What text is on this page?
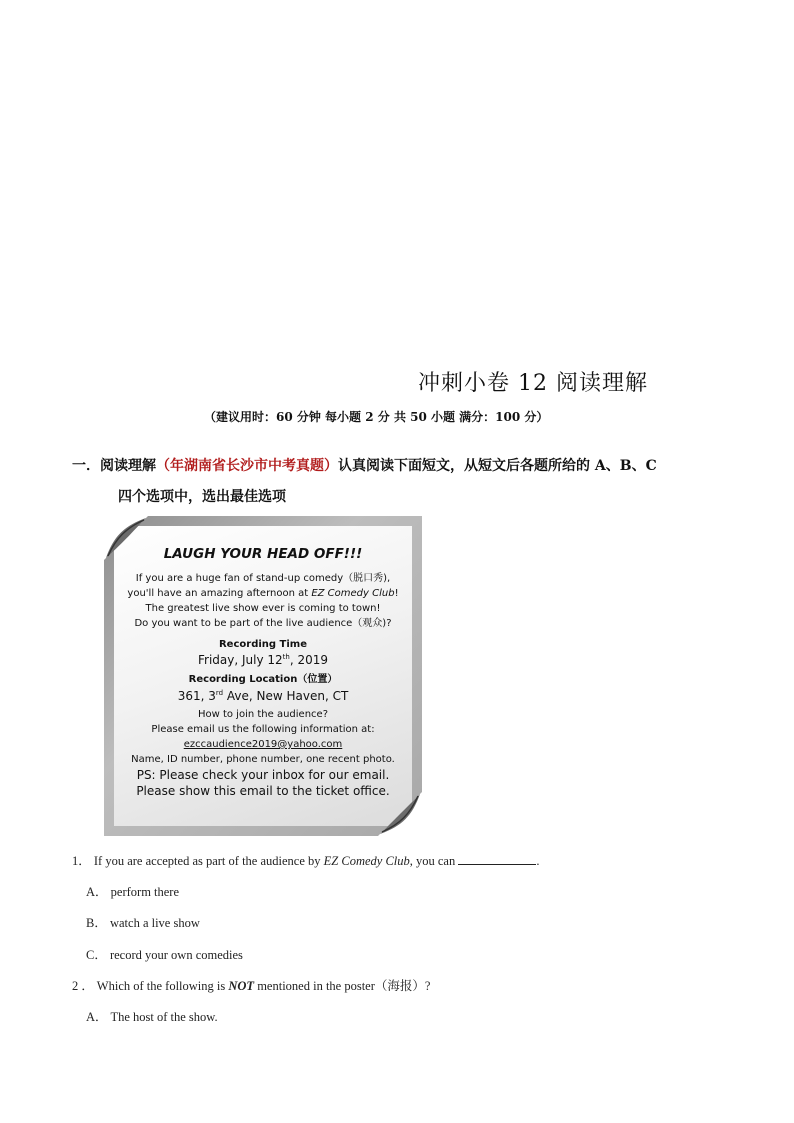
冲刺小卷 12 阅读理解
（建议用时：60 分钟 每小题 2 分 共 50 小题 满分：100 分）
一．阅读理解（年湖南省长沙市中考真题）认真阅读下面短文，从短文后各题所给的 A、B、C
四个选项中，选出最佳选项
LAUGH YOUR HEAD OFF!!!
If you are a huge fan of stand-up comedy（脱口秀),
you'll have an amazing afternoon at EZ Comedy Club!
The greatest live show ever is coming to town!
Do you want to be part of the live audience（观众)?
Recording Time
Friday, July 12th, 2019
Recording Location（位置）
361, 3rd Ave, New Haven, CT
How to join the audience?
Please email us the following information at:
ezccaudience2019@yahoo.com
Name, ID number, phone number, one recent photo.
PS: Please check your inbox for our email.
Please show this email to the ticket office.
1． If you are accepted as part of the audience by EZ Comedy Club, you can	.
A． perform there
B． watch a live show
C． record your own comedies
2 ． Which of the following is NOT mentioned in the poster（海报）?
A． The host of the show.
